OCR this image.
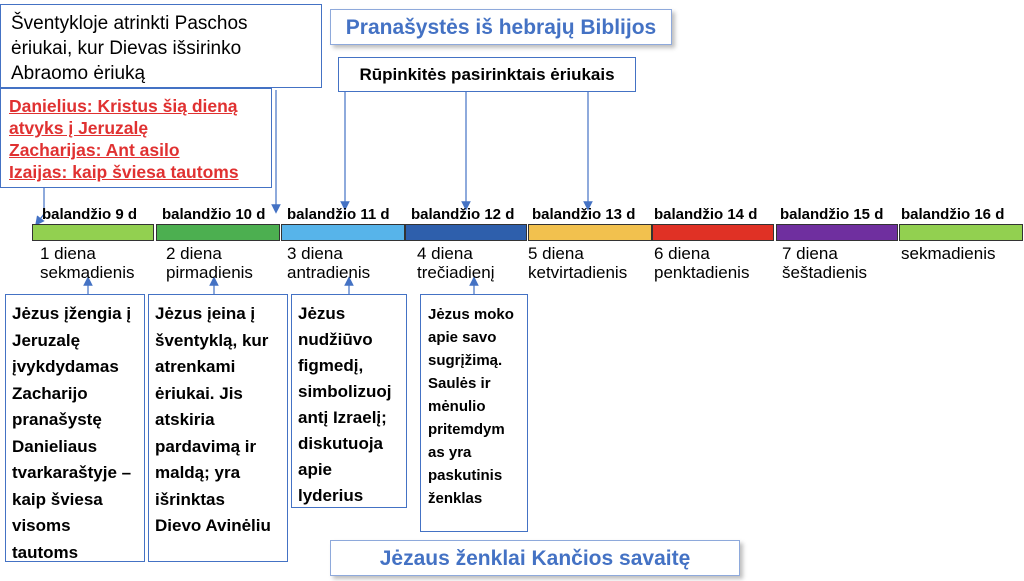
Šventykloje atrinkti Paschos
ėriukai, kur Dievas išsirinko
Abraomo ėriuką
Pranašystės iš hebrajų Biblijos
Rūpinkitės pasirinktais ėriukais
Danielius: Kristus šią dieną
atvyks į Jeruzalę
Zacharijas: Ant asilo
Izaijas: kaip šviesa tautoms
balandžio 9 d
1 diena
sekmadienis
balandžio 10 d
2 diena
pirmadienis
balandžio 11 d
3 diena
antradienis
balandžio 12 d
4 diena
trečiadienį
balandžio 13 d
5 diena
ketvirtadienis
balandžio 14 d
6 diena
penktadienis
balandžio 15 d
7 diena
šeštadienis
balandžio 16 d
sekmadienis
Jėzus įžengia į
Jeruzalę
įvykdydamas
Zacharijo
pranašystę
Danieliaus
tvarkaraštyje –
kaip šviesa
visoms
tautoms
Jėzus įeina į
šventyklą, kur
atrenkami
ėriukai. Jis
atskiria
pardavimą ir
maldą; yra
išrinktas
Dievo Avinėliu
Jėzus
nudžiūvo
figmedį,
simbolizuoj
antį Izraelį;
diskutuoja
apie
lyderius
Jėzus moko
apie savo
sugrįžimą.
Saulės ir
mėnulio
pritemdym
as yra
paskutinis
ženklas
Jėzaus ženklai Kančios savaitę
